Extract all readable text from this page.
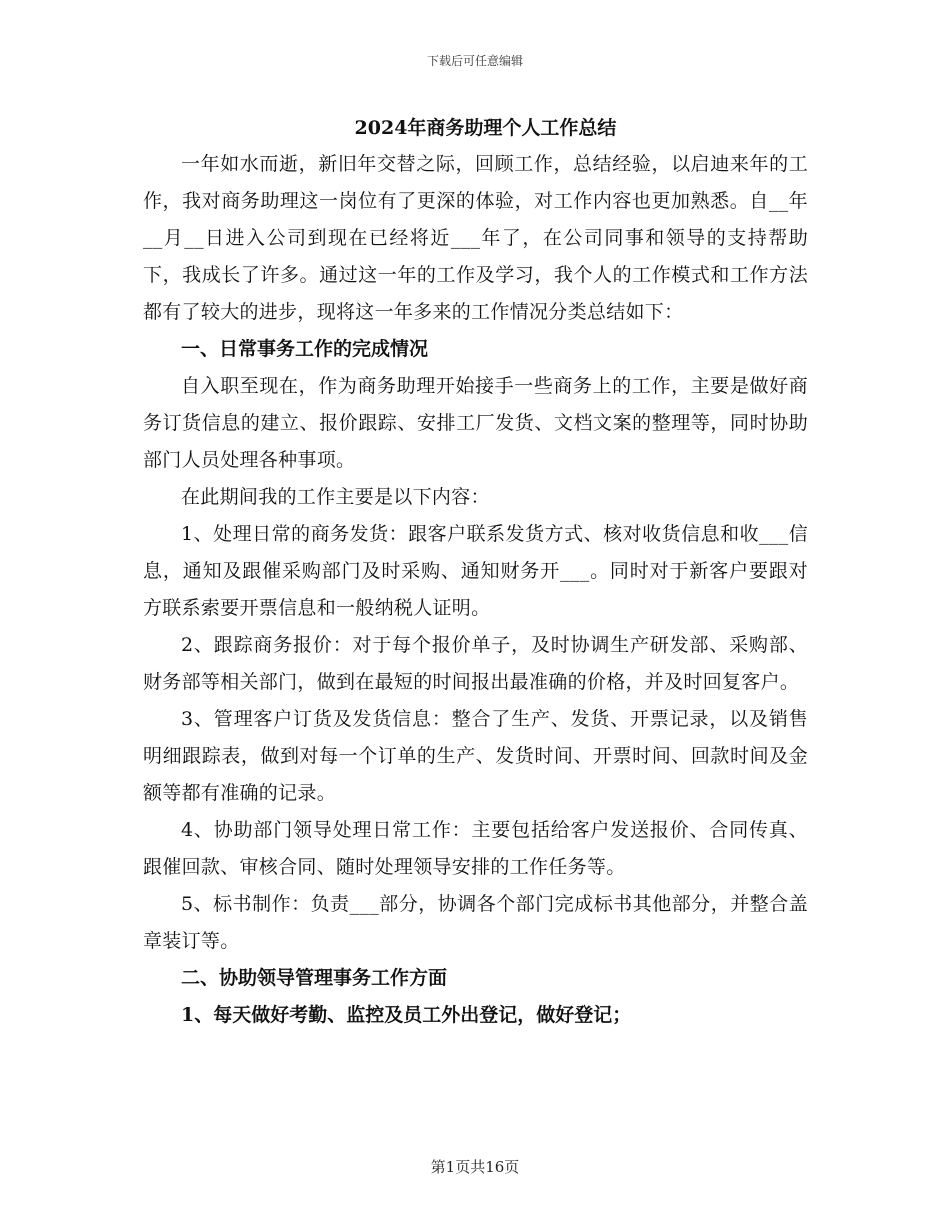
下载后可任意编辑
2024年商务助理个人工作总结

一年如水而逝，新旧年交替之际，回顾工作，总结经验，以启迪来年的工作，我对商务助理这一岗位有了更深的体验，对工作内容也更加熟悉。自__年__月__日进入公司到现在已经将近___年了，在公司同事和领导的支持帮助下，我成长了许多。通过这一年的工作及学习，我个人的工作模式和工作方法都有了较大的进步，现将这一年多来的工作情况分类总结如下：

一、日常事务工作的完成情况

自入职至现在，作为商务助理开始接手一些商务上的工作，主要是做好商务订货信息的建立、报价跟踪、安排工厂发货、文档文案的整理等，同时协助部门人员处理各种事项。

在此期间我的工作主要是以下内容：

1、处理日常的商务发货：跟客户联系发货方式、核对收货信息和收___信息，通知及跟催采购部门及时采购、通知财务开___。同时对于新客户要跟对方联系索要开票信息和一般纳税人证明。

2、跟踪商务报价：对于每个报价单子，及时协调生产研发部、采购部、财务部等相关部门，做到在最短的时间报出最准确的价格，并及时回复客户。

3、管理客户订货及发货信息：整合了生产、发货、开票记录，以及销售明细跟踪表，做到对每一个订单的生产、发货时间、开票时间、回款时间及金额等都有准确的记录。

4、协助部门领导处理日常工作：主要包括给客户发送报价、合同传真、跟催回款、审核合同、随时处理领导安排的工作任务等。

5、标书制作：负责___部分，协调各个部门完成标书其他部分，并整合盖章装订等。

二、协助领导管理事务工作方面

1、每天做好考勤、监控及员工外出登记，做好登记；

第1页共16页
